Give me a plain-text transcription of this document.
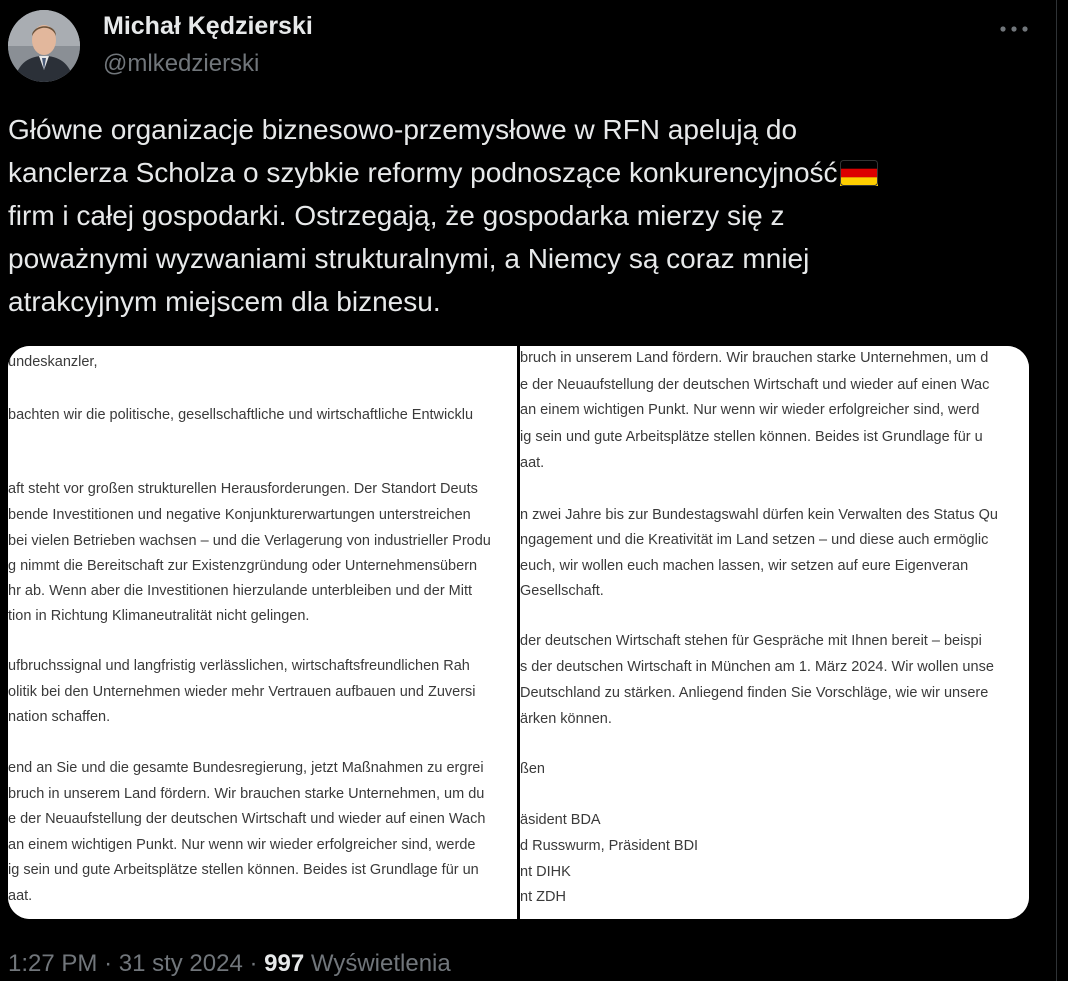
Michał Kędzierski
@mlkedzierski
Główne organizacje biznesowo-przemysłowe w RFN apelują do
kanclerza Scholza o szybkie reformy podnoszące konkurencyjność
firm i całej gospodarki. Ostrzegają, że gospodarka mierzy się z
poważnymi wyzwaniami strukturalnymi, a Niemcy są coraz mniej
atrakcyjnym miejscem dla biznesu.
undeskanzler,
bachten wir die politische, gesellschaftliche und wirtschaftliche Entwicklu
aft steht vor großen strukturellen Herausforderungen. Der Standort Deuts
bende Investitionen und negative Konjunkturerwartungen unterstreichen
bei vielen Betrieben wachsen – und die Verlagerung von industrieller Produ
g nimmt die Bereitschaft zur Existenzgründung oder Unternehmensübern
hr ab. Wenn aber die Investitionen hierzulande unterbleiben und der Mitt
tion in Richtung Klimaneutralität nicht gelingen.
ufbruchssignal und langfristig verlässlichen, wirtschaftsfreundlichen Rah
olitik bei den Unternehmen wieder mehr Vertrauen aufbauen und Zuversi
nation schaffen.
end an Sie und die gesamte Bundesregierung, jetzt Maßnahmen zu ergrei
bruch in unserem Land fördern. Wir brauchen starke Unternehmen, um du
e der Neuaufstellung der deutschen Wirtschaft und wieder auf einen Wach
an einem wichtigen Punkt. Nur wenn wir wieder erfolgreicher sind, werde
ig sein und gute Arbeitsplätze stellen können. Beides ist Grundlage für un
aat.
bruch in unserem Land fördern. Wir brauchen starke Unternehmen, um d
e der Neuaufstellung der deutschen Wirtschaft und wieder auf einen Wac
an einem wichtigen Punkt. Nur wenn wir wieder erfolgreicher sind, werd
ig sein und gute Arbeitsplätze stellen können. Beides ist Grundlage für u
aat.
n zwei Jahre bis zur Bundestagswahl dürfen kein Verwalten des Status Qu
ngagement und die Kreativität im Land setzen – und diese auch ermöglic
euch, wir wollen euch machen lassen, wir setzen auf eure Eigenveran
Gesellschaft.
der deutschen Wirtschaft stehen für Gespräche mit Ihnen bereit – beispi
s der deutschen Wirtschaft in München am 1. März 2024. Wir wollen unse
Deutschland zu stärken. Anliegend finden Sie Vorschläge, wie wir unsere
ärken können.
ßen
äsident BDA
d Russwurm, Präsident BDI
nt DIHK
nt ZDH
1:27 PM · 31 sty 2024 · 997 Wyświetlenia
